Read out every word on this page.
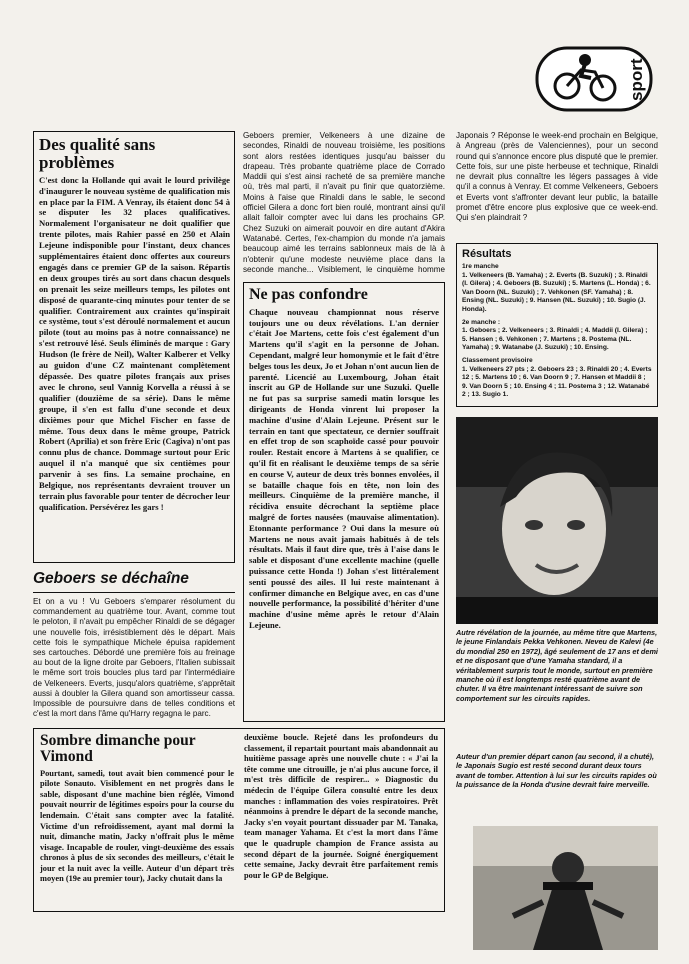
sport
Des qualité sans problèmes

C'est donc la Hollande qui avait le lourd privilège d'inaugurer le nouveau système de qualification mis en place par la FIM. A Venray, ils étaient donc 54 à se disputer les 32 places qualificatives. Normalement l'organisateur ne doit qualifier que trente pilotes, mais Rahier passé en 250 et Alain Lejeune indisponible pour l'instant, deux chances supplémentaires étaient donc offertes aux coureurs engagés dans ce premier GP de la saison. Répartis en deux groupes tirés au sort dans chacun desquels on prenait les seize meilleurs temps, les pilotes ont disposé de quarante-cinq minutes pour tenter de se qualifier. Contrairement aux craintes qu'inspirait ce système, tout s'est déroulé normalement et aucun pilote (tout au moins pas à notre connaissance) ne s'est retrouvé lésé. Seuls éliminés de marque : Gary Hudson (le frère de Neil), Walter Kalberer et Velky au guidon d'une CZ maintenant complètement dépassée. Des quatre pilotes français aux prises avec le chrono, seul Vannig Korvella a réussi à se qualifier (douzième de sa série). Dans le même groupe, il s'en est fallu d'une seconde et deux dixièmes pour que Michel Fischer en fasse de même. Tous deux dans le même groupe, Patrick Robert (Aprilia) et son frère Eric (Cagiva) n'ont pas connu plus de chance. Dommage surtout pour Eric auquel il n'a manqué que six centièmes pour parvenir à ses fins. La semaine prochaine, en Belgique, nos représentants devraient trouver un terrain plus favorable pour tenter de décrocher leur qualification. Persévérez les gars !

Geboers se déchaîne

Et on a vu ! Vu Geboers s'emparer résolument du commandement au quatrième tour. Avant, comme tout le peloton, il n'avait pu empêcher Rinaldi de se dégager une nouvelle fois, irrésistiblement dès le départ. Mais cette fois le sympathique Michele épuisa rapidement ses cartouches. Débordé une première fois au freinage au bout de la ligne droite par Geboers, l'Italien subissait le même sort trois boucles plus tard par l'intermédiaire de Velkeneers. Everts, jusqu'alors quatrième, s'apprêtait aussi à doubler la Gilera quand son amortisseur cassa. Impossible de poursuivre dans de telles conditions et c'est la mort dans l'âme qu'Harry regagna le parc.

Geboers premier, Velkeneers à une dizaine de secondes, Rinaldi de nouveau troisième, les positions sont alors restées identiques jusqu'au baisser du drapeau. Très probante quatrième place de Corrado Maddii qui s'est ainsi racheté de sa première manche où, très mal parti, il n'avait pu finir que quatorzième. Moins à l'aise que Rinaldi dans le sable, le second officiel Gilera a donc fort bien roulé, montrant ainsi qu'il allait falloir compter avec lui dans les prochains GP. Chez Suzuki on aimerait pouvoir en dire autant d'Akira Watanabé. Certes, l'ex-champion du monde n'a jamais beaucoup aimé les terrains sablonneux mais de là à n'obtenir qu'une modeste neuvième place dans la seconde manche... Visiblement, le cinquième homme

Ne pas confondre

Chaque nouveau championnat nous réserve toujours une ou deux révélations. L'an dernier c'était Joe Martens, cette fois c'est également d'un Martens qu'il s'agit en la personne de Johan. Cependant, malgré leur homonymie et le fait d'être belges tous les deux, Jo et Johan n'ont aucun lien de parenté. Licencié au Luxembourg, Johan était inscrit au GP de Hollande sur une Suzuki. Quelle ne fut pas sa surprise samedi matin lorsque les dirigeants de Honda vinrent lui proposer la machine d'usine d'Alain Lejeune. Présent sur le terrain en tant que spectateur, ce dernier souffrait en effet trop de son scaphoïde cassé pour pouvoir rouler. Restait encore à Martens à se qualifier, ce qu'il fit en réalisant le deuxième temps de sa série en course V, auteur de deux très bonnes envolées, il se bataille chaque fois en tête, non loin des meilleurs. Cinquième de la première manche, il récidiva ensuite décrochant la septième place malgré de fortes nausées (mauvaise alimentation). Etonnante performance ? Oui dans la mesure où Martens ne nous avait jamais habitués à de tels résultats. Mais il faut dire que, très à l'aise dans le sable et disposant d'une excellente machine (quelle puissance cette Honda !) Johan s'est littéralement senti poussé des ailes. Il lui reste maintenant à confirmer dimanche en Belgique avec, en cas d'une nouvelle performance, la possibilité d'hériter d'une machine d'usine même après le retour d'Alain Lejeune.

Japonais ? Réponse le week-end prochain en Belgique, à Angreau (près de Valenciennes), pour un second round qui s'annonce encore plus disputé que le premier. Cette fois, sur une piste herbeuse et technique, Rinaldi ne devrait plus connaître les légers passages à vide qu'il a connus à Venray. Et comme Velkeneers, Geboers et Everts vont s'affronter devant leur public, la bataille promet d'être encore plus explosive que ce week-end. Qui s'en plaindrait ?

Résultats

1re manche

1. Velkeneers (B. Yamaha) ; 2. Everts (B. Suzuki) ; 3. Rinaldi (I. Gilera) ; 4. Geboers (B. Suzuki) ; 5. Martens (L. Honda) ; 6. Van Doorn (NL. Suzuki) ; 7. Vehkonen (SF. Yamaha) ; 8. Ensing (NL. Suzuki) ; 9. Hansen (NL. Suzuki) ; 10. Sugio (J. Honda).

2e manche :

1. Geboers ; 2. Velkeneers ; 3. Rinaldi ; 4. Maddii (I. Gilera) ; 5. Hansen ; 6. Vehkonen ; 7. Martens ; 8. Postema (NL. Yamaha) ; 9. Watanabe (J. Suzuki) ; 10. Ensing.

Classement provisoire

1. Velkeneers 27 pts ; 2. Geboers 23 ; 3. Rinaldi 20 ; 4. Everts 12 ; 5. Martens 10 ; 6. Van Doorn 9 ; 7. Hansen et Maddii 8 ; 9. Van Doorn 5 ; 10. Ensing 4 ; 11. Postema 3 ; 12. Watanabé 2 ; 13. Sugio 1.

Autre révélation de la journée, au même titre que Martens, le jeune Finlandais Pekka Vehkonen. Neveu de Kalevi (4e du mondial 250 en 1972), âgé seulement de 17 ans et demi et ne disposant que d'une Yamaha standard, il a véritablement surpris tout le monde, surtout en première manche où il est longtemps resté quatrième avant de chuter. Il va être maintenant intéressant de suivre son comportement sur les circuits rapides.

Sombre dimanche pour Vimond

Pourtant, samedi, tout avait bien commencé pour le pilote Sonauto. Visiblement en net progrès dans le sable, disposant d'une machine bien réglée, Vimond pouvait nourrir de légitimes espoirs pour la course du lendemain. C'était sans compter avec la fatalité. Victime d'un refroidissement, ayant mal dormi la nuit, dimanche matin, Jacky n'offrait plus le même visage. Incapable de rouler, vingt-deuxième des essais chronos à plus de six secondes des meilleurs, c'était le jour et la nuit avec la veille. Auteur d'un départ très moyen (19e au premier tour), Jacky chutait dans la

deuxième boucle. Rejeté dans les profondeurs du classement, il repartait pourtant mais abandonnait au huitième passage après une nouvelle chute : « J'ai la tête comme une citrouille, je n'ai plus aucune force, il m'est très difficile de respirer... » Diagnostic du médecin de l'équipe Gilera consulté entre les deux manches : inflammation des voies respiratoires. Prêt néanmoins à prendre le départ de la seconde manche, Jacky s'en voyait pourtant dissuader par M. Tanaka, team manager Yahama. Et c'est la mort dans l'âme que le quadruple champion de France assista au second départ de la journée. Soigné énergiquement cette semaine, Jacky devrait être parfaitement remis pour le GP de Belgique.

Auteur d'un premier départ canon (au second, il a chuté), le Japonais Sugio est resté second durant deux tours avant de tomber. Attention à lui sur les circuits rapides où la puissance de la Honda d'usine devrait faire merveille.
